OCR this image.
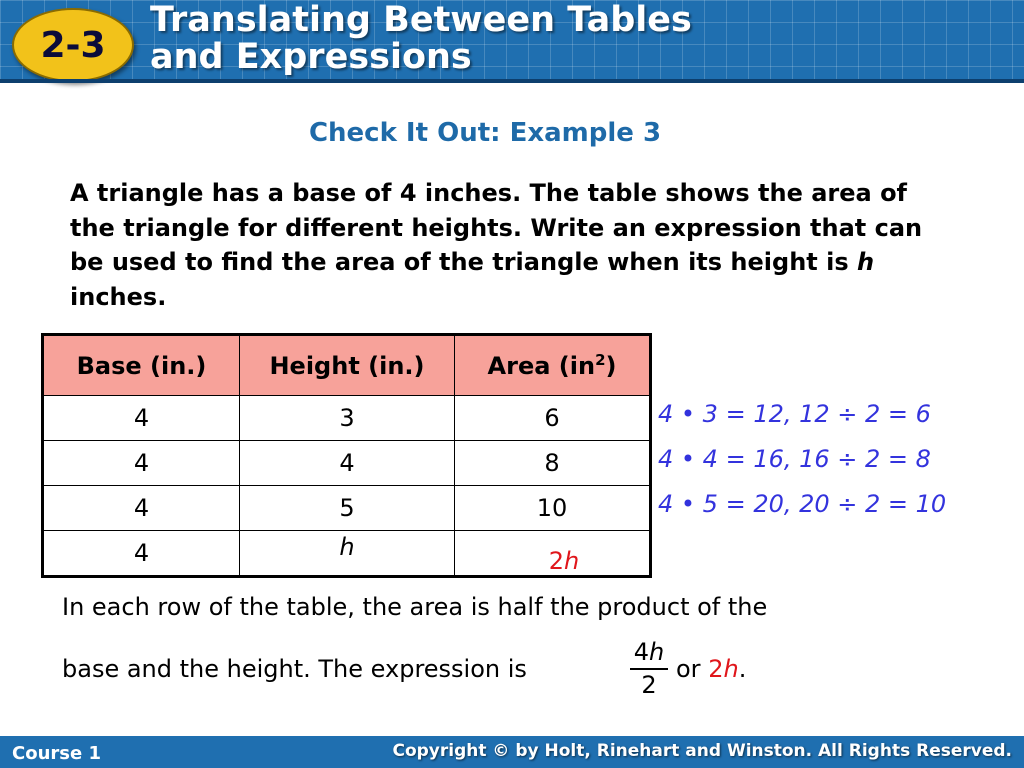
2-3
Translating Between Tables
and Expressions
Check It Out: Example 3
A triangle has a base of 4 inches. The table shows the area of the triangle for different heights. Write an expression that can be used to find the area of the triangle when its height is h inches.
Base (in.)	Height (in.)	Area $(in^2)$
4	3	6
4	4	8
4	5	10
4	h	2h
4 • 3 = 12, 12 ÷ 2 = 6
4 • 4 = 16, 16 ÷ 2 = 8
4 • 5 = 20, 20 ÷ 2 = 10
In each row of the table, the area is half the product of the
base and the height. The expression is	$\frac{4h}{2}$ or 2h.
Course 1	Copyright © by Holt, Rinehart and Winston. All Rights Reserved.
